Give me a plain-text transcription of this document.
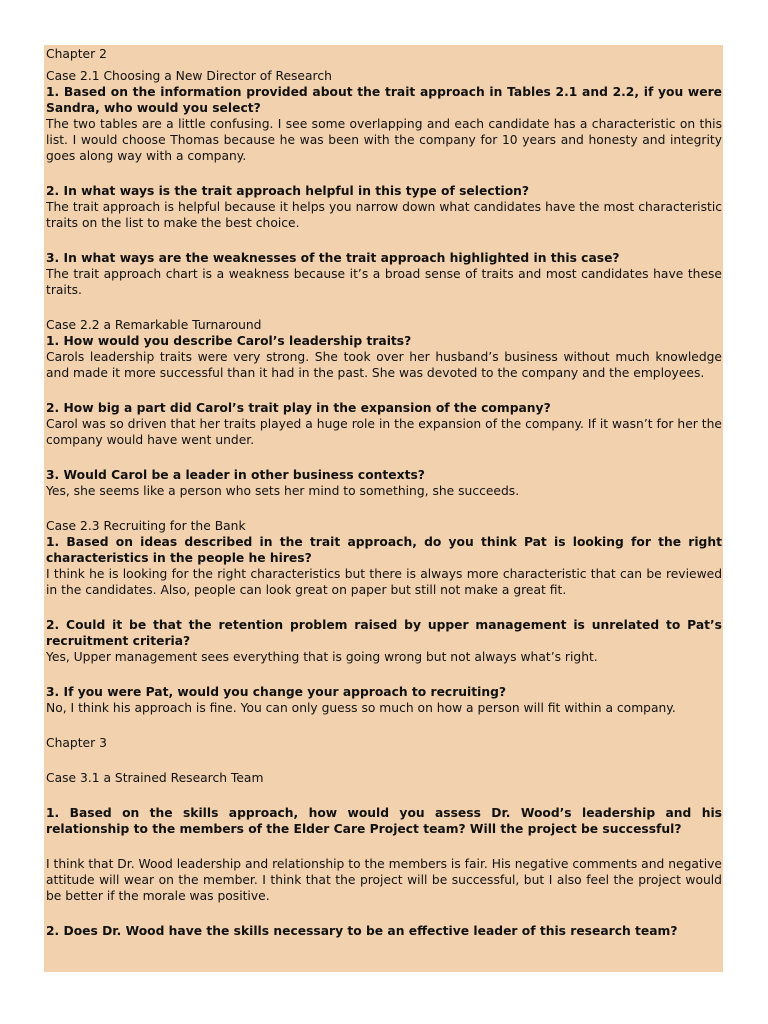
Chapter 2

Case 2.1 Choosing a New Director of Research

1. Based on the information provided about the trait approach in Tables 2.1 and 2.2, if you were Sandra, who would you select?

The two tables are a little confusing. I see some overlapping and each candidate has a characteristic on this list. I would choose Thomas because he was been with the company for 10 years and honesty and integrity goes along way with a company.

2. In what ways is the trait approach helpful in this type of selection?

The trait approach is helpful because it helps you narrow down what candidates have the most characteristic traits on the list to make the best choice.

3. In what ways are the weaknesses of the trait approach highlighted in this case?

The trait approach chart is a weakness because it’s a broad sense of traits and most candidates have these traits.

Case 2.2 a Remarkable Turnaround

1. How would you describe Carol’s leadership traits?

Carols leadership traits were very strong. She took over her husband’s business without much knowledge and made it more successful than it had in the past. She was devoted to the company and the employees.

2. How big a part did Carol’s trait play in the expansion of the company?

Carol was so driven that her traits played a huge role in the expansion of the company. If it wasn’t for her the company would have went under.

3. Would Carol be a leader in other business contexts?

Yes, she seems like a person who sets her mind to something, she succeeds.

Case 2.3 Recruiting for the Bank

1. Based on ideas described in the trait approach, do you think Pat is looking for the right characteristics in the people he hires?

I think he is looking for the right characteristics but there is always more characteristic that can be reviewed in the candidates. Also, people can look great on paper but still not make a great fit.

2. Could it be that the retention problem raised by upper management is unrelated to Pat’s recruitment criteria?

Yes, Upper management sees everything that is going wrong but not always what’s right.

3. If you were Pat, would you change your approach to recruiting?

No, I think his approach is fine. You can only guess so much on how a person will fit within a company.

Chapter 3

Case 3.1 a Strained Research Team

1. Based on the skills approach, how would you assess Dr. Wood’s leadership and his relationship to the members of the Elder Care Project team? Will the project be successful?

I think that Dr. Wood leadership and relationship to the members is fair. His negative comments and negative attitude will wear on the member. I think that the project will be successful, but I also feel the project would be better if the morale was positive.

2. Does Dr. Wood have the skills necessary to be an effective leader of this research team?
